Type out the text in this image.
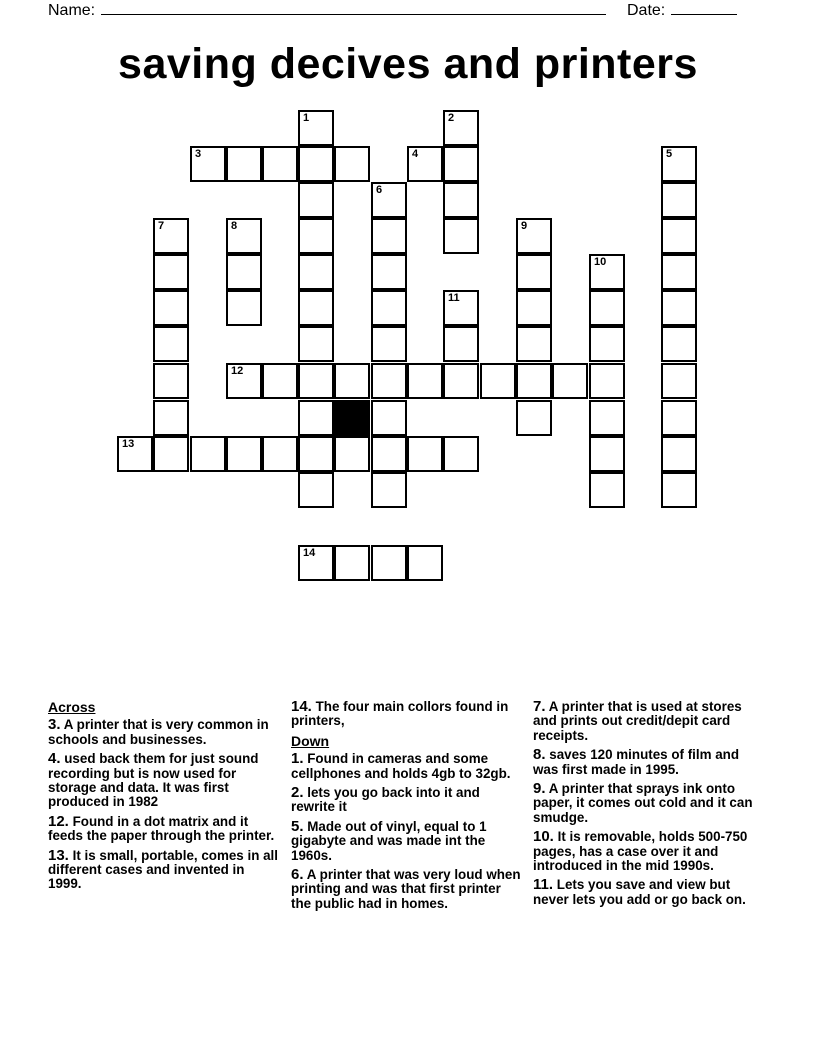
Name:	Date:
saving decives and printers
3	4
1	2
5
6
7	8	9
10
11
12
13
14
Across
3. A printer that is very common in schools and businesses.
4. used back them for just sound recording but is now used for storage and data. It was first produced in 1982
12. Found in a dot matrix and it feeds the paper through the printer.
13. It is small, portable, comes in all different cases and invented in 1999.
14. The four main collors found in printers,
Down
1. Found in cameras and some cellphones and holds 4gb to 32gb.
2. lets you go back into it and rewrite it
5. Made out of vinyl, equal to 1 gigabyte and was made int the 1960s.
6. A printer that was very loud when printing and was that first printer the public had in homes.
7. A printer that is used at stores and prints out credit/depit card receipts.
8. saves 120 minutes of film and was first made in 1995.
9. A printer that sprays ink onto paper, it comes out cold and it can smudge.
10. It is removable, holds 500-750 pages, has a case over it and introduced in the mid 1990s.
11. Lets you save and view but never lets you add or go back on.
